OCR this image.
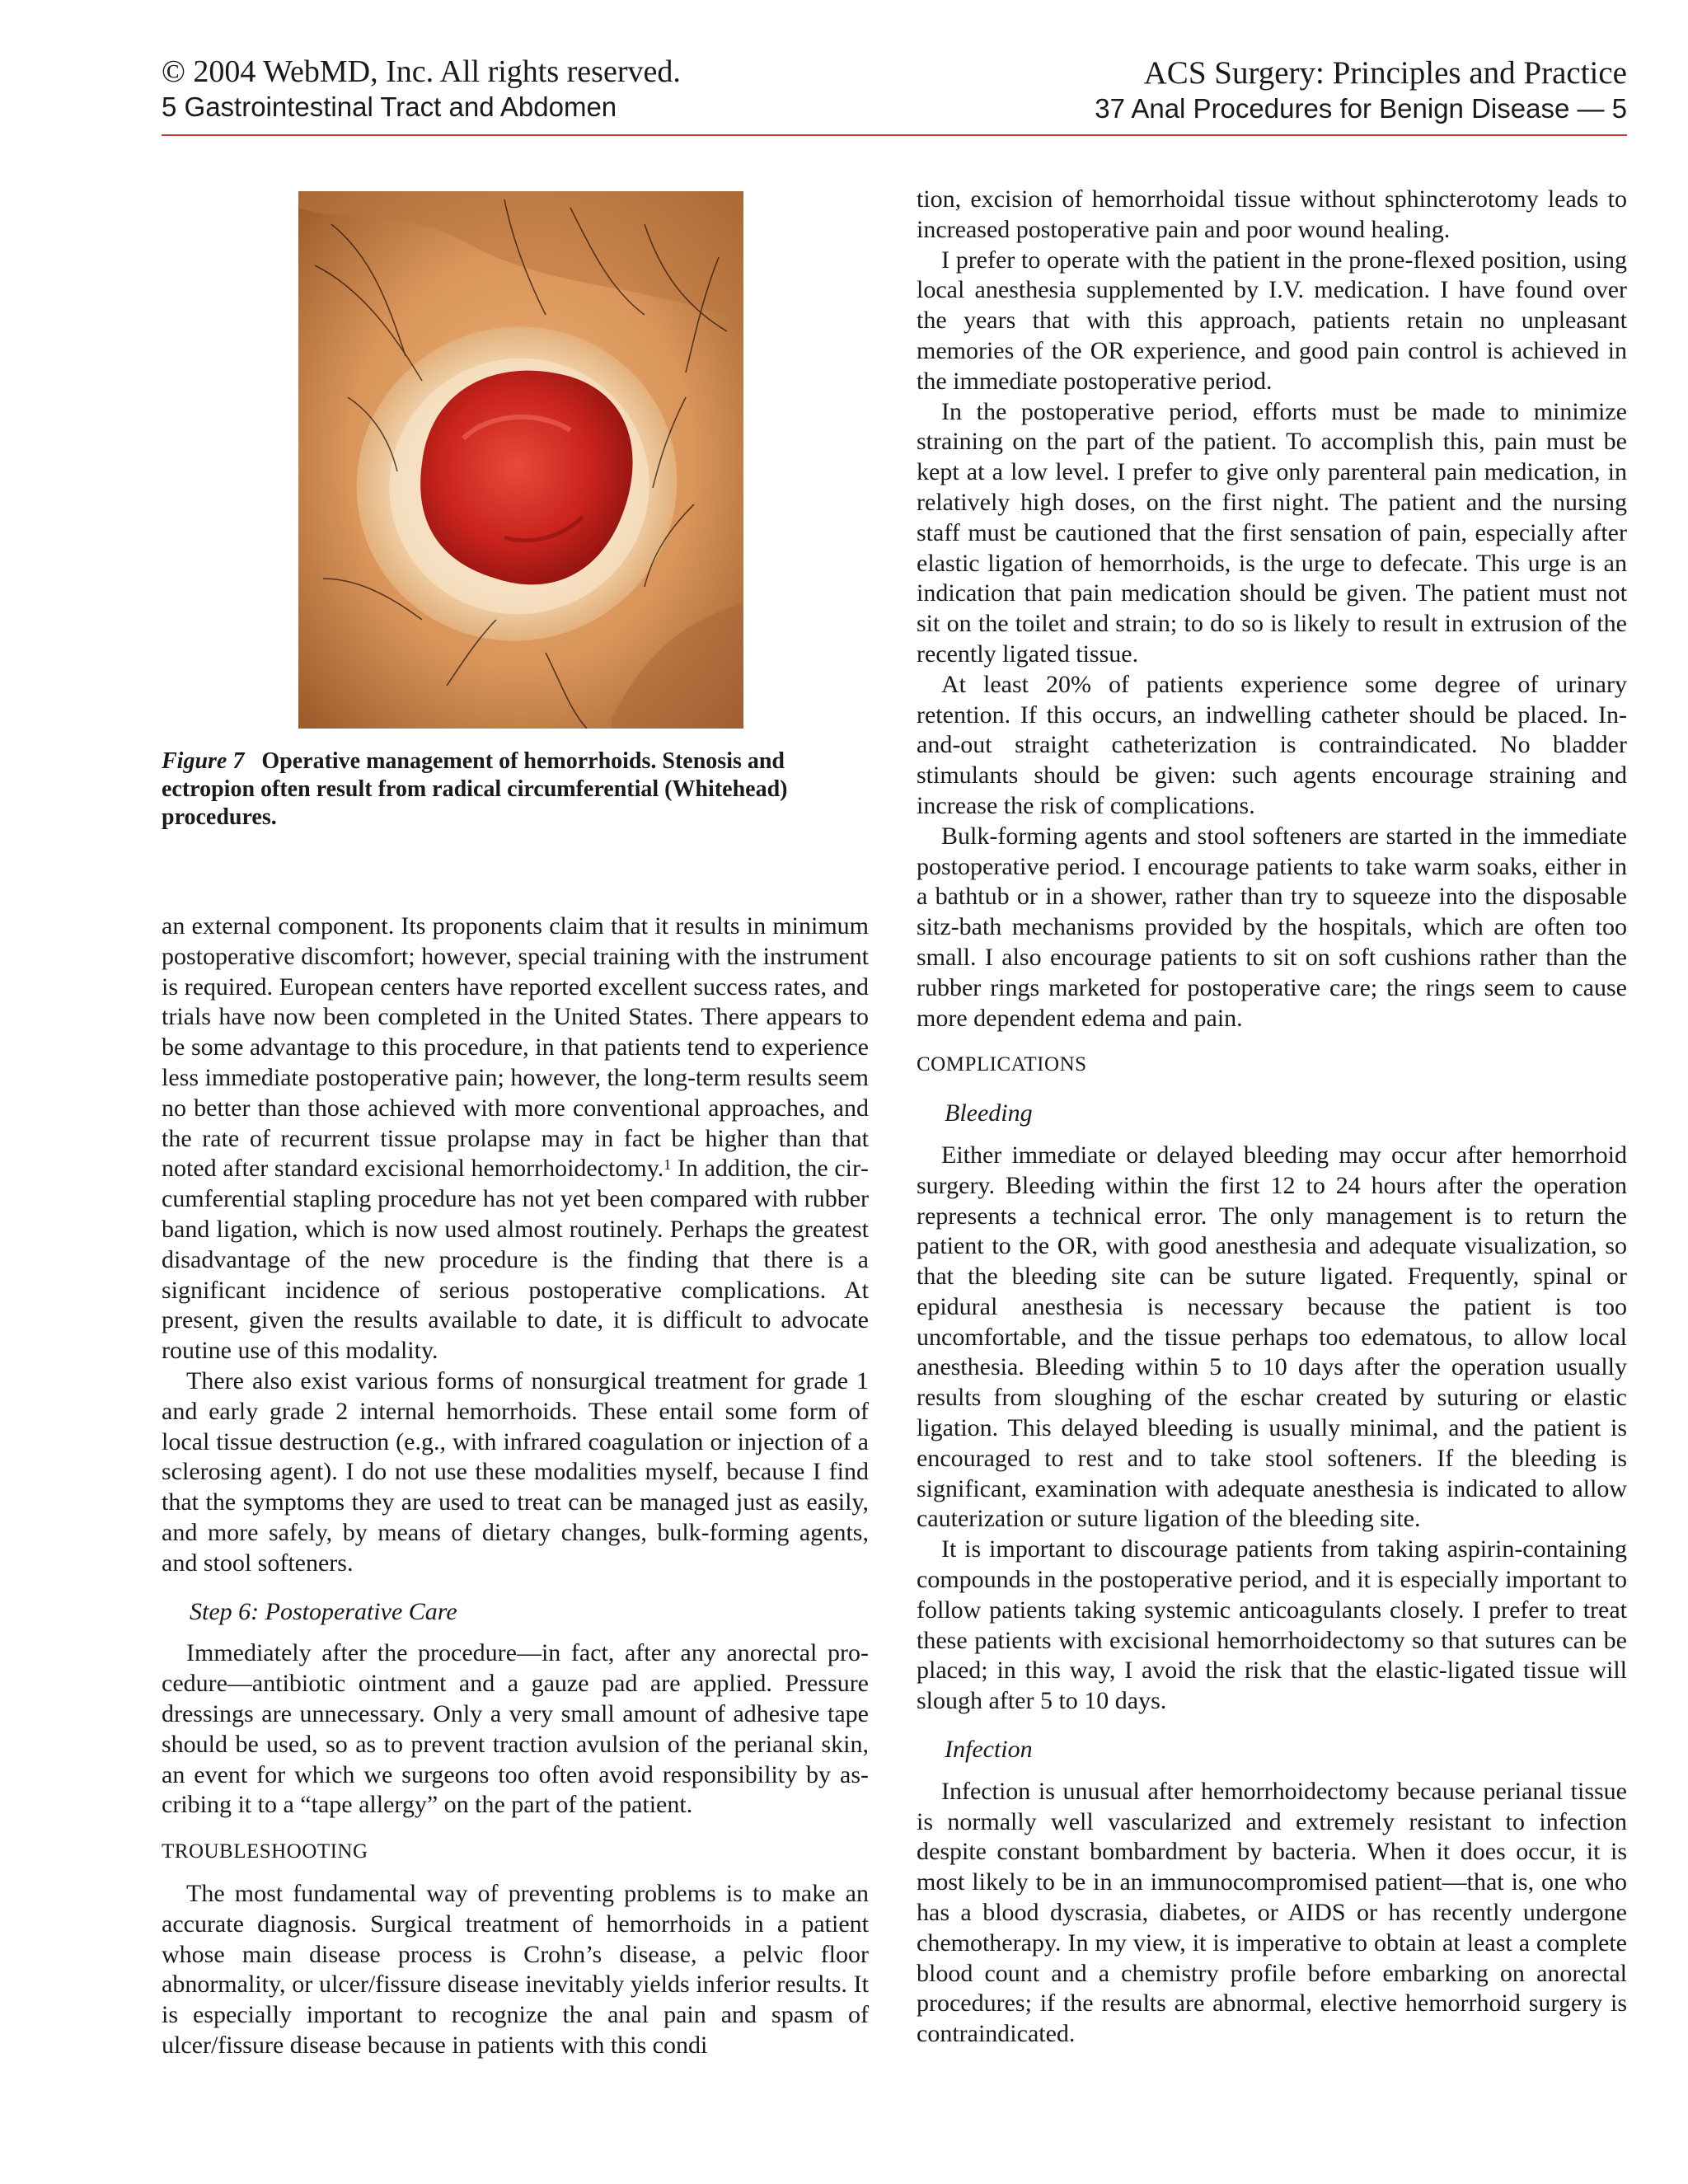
© 2004 WebMD, Inc. All rights reserved.
5 Gastrointestinal Tract and Abdomen
ACS Surgery: Principles and Practice
37 Anal Procedures for Benign Disease — 5
Figure 7 Operative management of hemorrhoids. Stenosis and ectropion often result from radical circumferential (Whitehead) procedures.

an external component. Its proponents claim that it results in minimum postoperative discomfort; however, special training with the instrument is required. European centers have reported excellent success rates, and trials have now been completed in the United States. There appears to be some advantage to this procedure, in that patients tend to experience less immediate postoperative pain; however, the long-term results seem no better than those achieved with more conventional approaches, and the rate of recurrent tissue prolapse may in fact be higher than that noted after standard excisional hemorrhoidectomy.$^1$ In addition, the circumferential stapling procedure has not yet been compared with rubber band ligation, which is now used almost routinely. Perhaps the greatest disadvantage of the new procedure is the finding that there is a significant incidence of serious postoperative complications. At present, given the results available to date, it is difficult to advocate routine use of this modality.

There also exist various forms of nonsurgical treatment for grade 1 and early grade 2 internal hemorrhoids. These entail some form of local tissue destruction (e.g., with infrared coagulation or injection of a sclerosing agent). I do not use these modalities myself, because I find that the symptoms they are used to treat can be managed just as easily, and more safely, by means of dietary changes, bulk-forming agents, and stool softeners.

Step 6: Postoperative Care

Immediately after the procedure—in fact, after any anorectal procedure—antibiotic ointment and a gauze pad are applied. Pressure dressings are unnecessary. Only a very small amount of adhesive tape should be used, so as to prevent traction avulsion of the perianal skin, an event for which we surgeons too often avoid responsibility by ascribing it to a “tape allergy” on the part of the patient.

TROUBLESHOOTING

The most fundamental way of preventing problems is to make an accurate diagnosis. Surgical treatment of hemorrhoids in a patient whose main disease process is Crohn’s disease, a pelvic floor abnormality, or ulcer/fissure disease inevitably yields inferior results. It is especially important to recognize the anal pain and spasm of ulcer/fissure disease because in patients with this condi

tion, excision of hemorrhoidal tissue without sphincterotomy leads to increased postoperative pain and poor wound healing.

I prefer to operate with the patient in the prone-flexed position, using local anesthesia supplemented by I.V. medication. I have found over the years that with this approach, patients retain no unpleasant memories of the OR experience, and good pain control is achieved in the immediate postoperative period.

In the postoperative period, efforts must be made to minimize straining on the part of the patient. To accomplish this, pain must be kept at a low level. I prefer to give only parenteral pain medication, in relatively high doses, on the first night. The patient and the nursing staff must be cautioned that the first sensation of pain, especially after elastic ligation of hemorrhoids, is the urge to defecate. This urge is an indication that pain medication should be given. The patient must not sit on the toilet and strain; to do so is likely to result in extrusion of the recently ligated tissue.

At least 20% of patients experience some degree of urinary retention. If this occurs, an indwelling catheter should be placed. In-and-out straight catheterization is contraindicated. No bladder stimulants should be given: such agents encourage straining and increase the risk of complications.

Bulk-forming agents and stool softeners are started in the immediate postoperative period. I encourage patients to take warm soaks, either in a bathtub or in a shower, rather than try to squeeze into the disposable sitz-bath mechanisms provided by the hospitals, which are often too small. I also encourage patients to sit on soft cushions rather than the rubber rings marketed for postoperative care; the rings seem to cause more dependent edema and pain.

COMPLICATIONS
Bleeding

Either immediate or delayed bleeding may occur after hemorrhoid surgery. Bleeding within the first 12 to 24 hours after the operation represents a technical error. The only management is to return the patient to the OR, with good anesthesia and adequate visualization, so that the bleeding site can be suture ligated. Frequently, spinal or epidural anesthesia is necessary because the patient is too uncomfortable, and the tissue perhaps too edematous, to allow local anesthesia. Bleeding within 5 to 10 days after the operation usually results from sloughing of the eschar created by suturing or elastic ligation. This delayed bleeding is usually minimal, and the patient is encouraged to rest and to take stool softeners. If the bleeding is significant, examination with adequate anesthesia is indicated to allow cauterization or suture ligation of the bleeding site.

It is important to discourage patients from taking aspirin-containing compounds in the postoperative period, and it is especially important to follow patients taking systemic anticoagulants closely. I prefer to treat these patients with excisional hemorrhoidectomy so that sutures can be placed; in this way, I avoid the risk that the elastic-ligated tissue will slough after 5 to 10 days.

Infection

Infection is unusual after hemorrhoidectomy because perianal tissue is normally well vascularized and extremely resistant to infection despite constant bombardment by bacteria. When it does occur, it is most likely to be in an immunocompromised patient—that is, one who has a blood dyscrasia, diabetes, or AIDS or has recently undergone chemotherapy. In my view, it is imperative to obtain at least a complete blood count and a chemistry profile before embarking on anorectal procedures; if the results are abnormal, elective hemorrhoid surgery is contraindicated.
